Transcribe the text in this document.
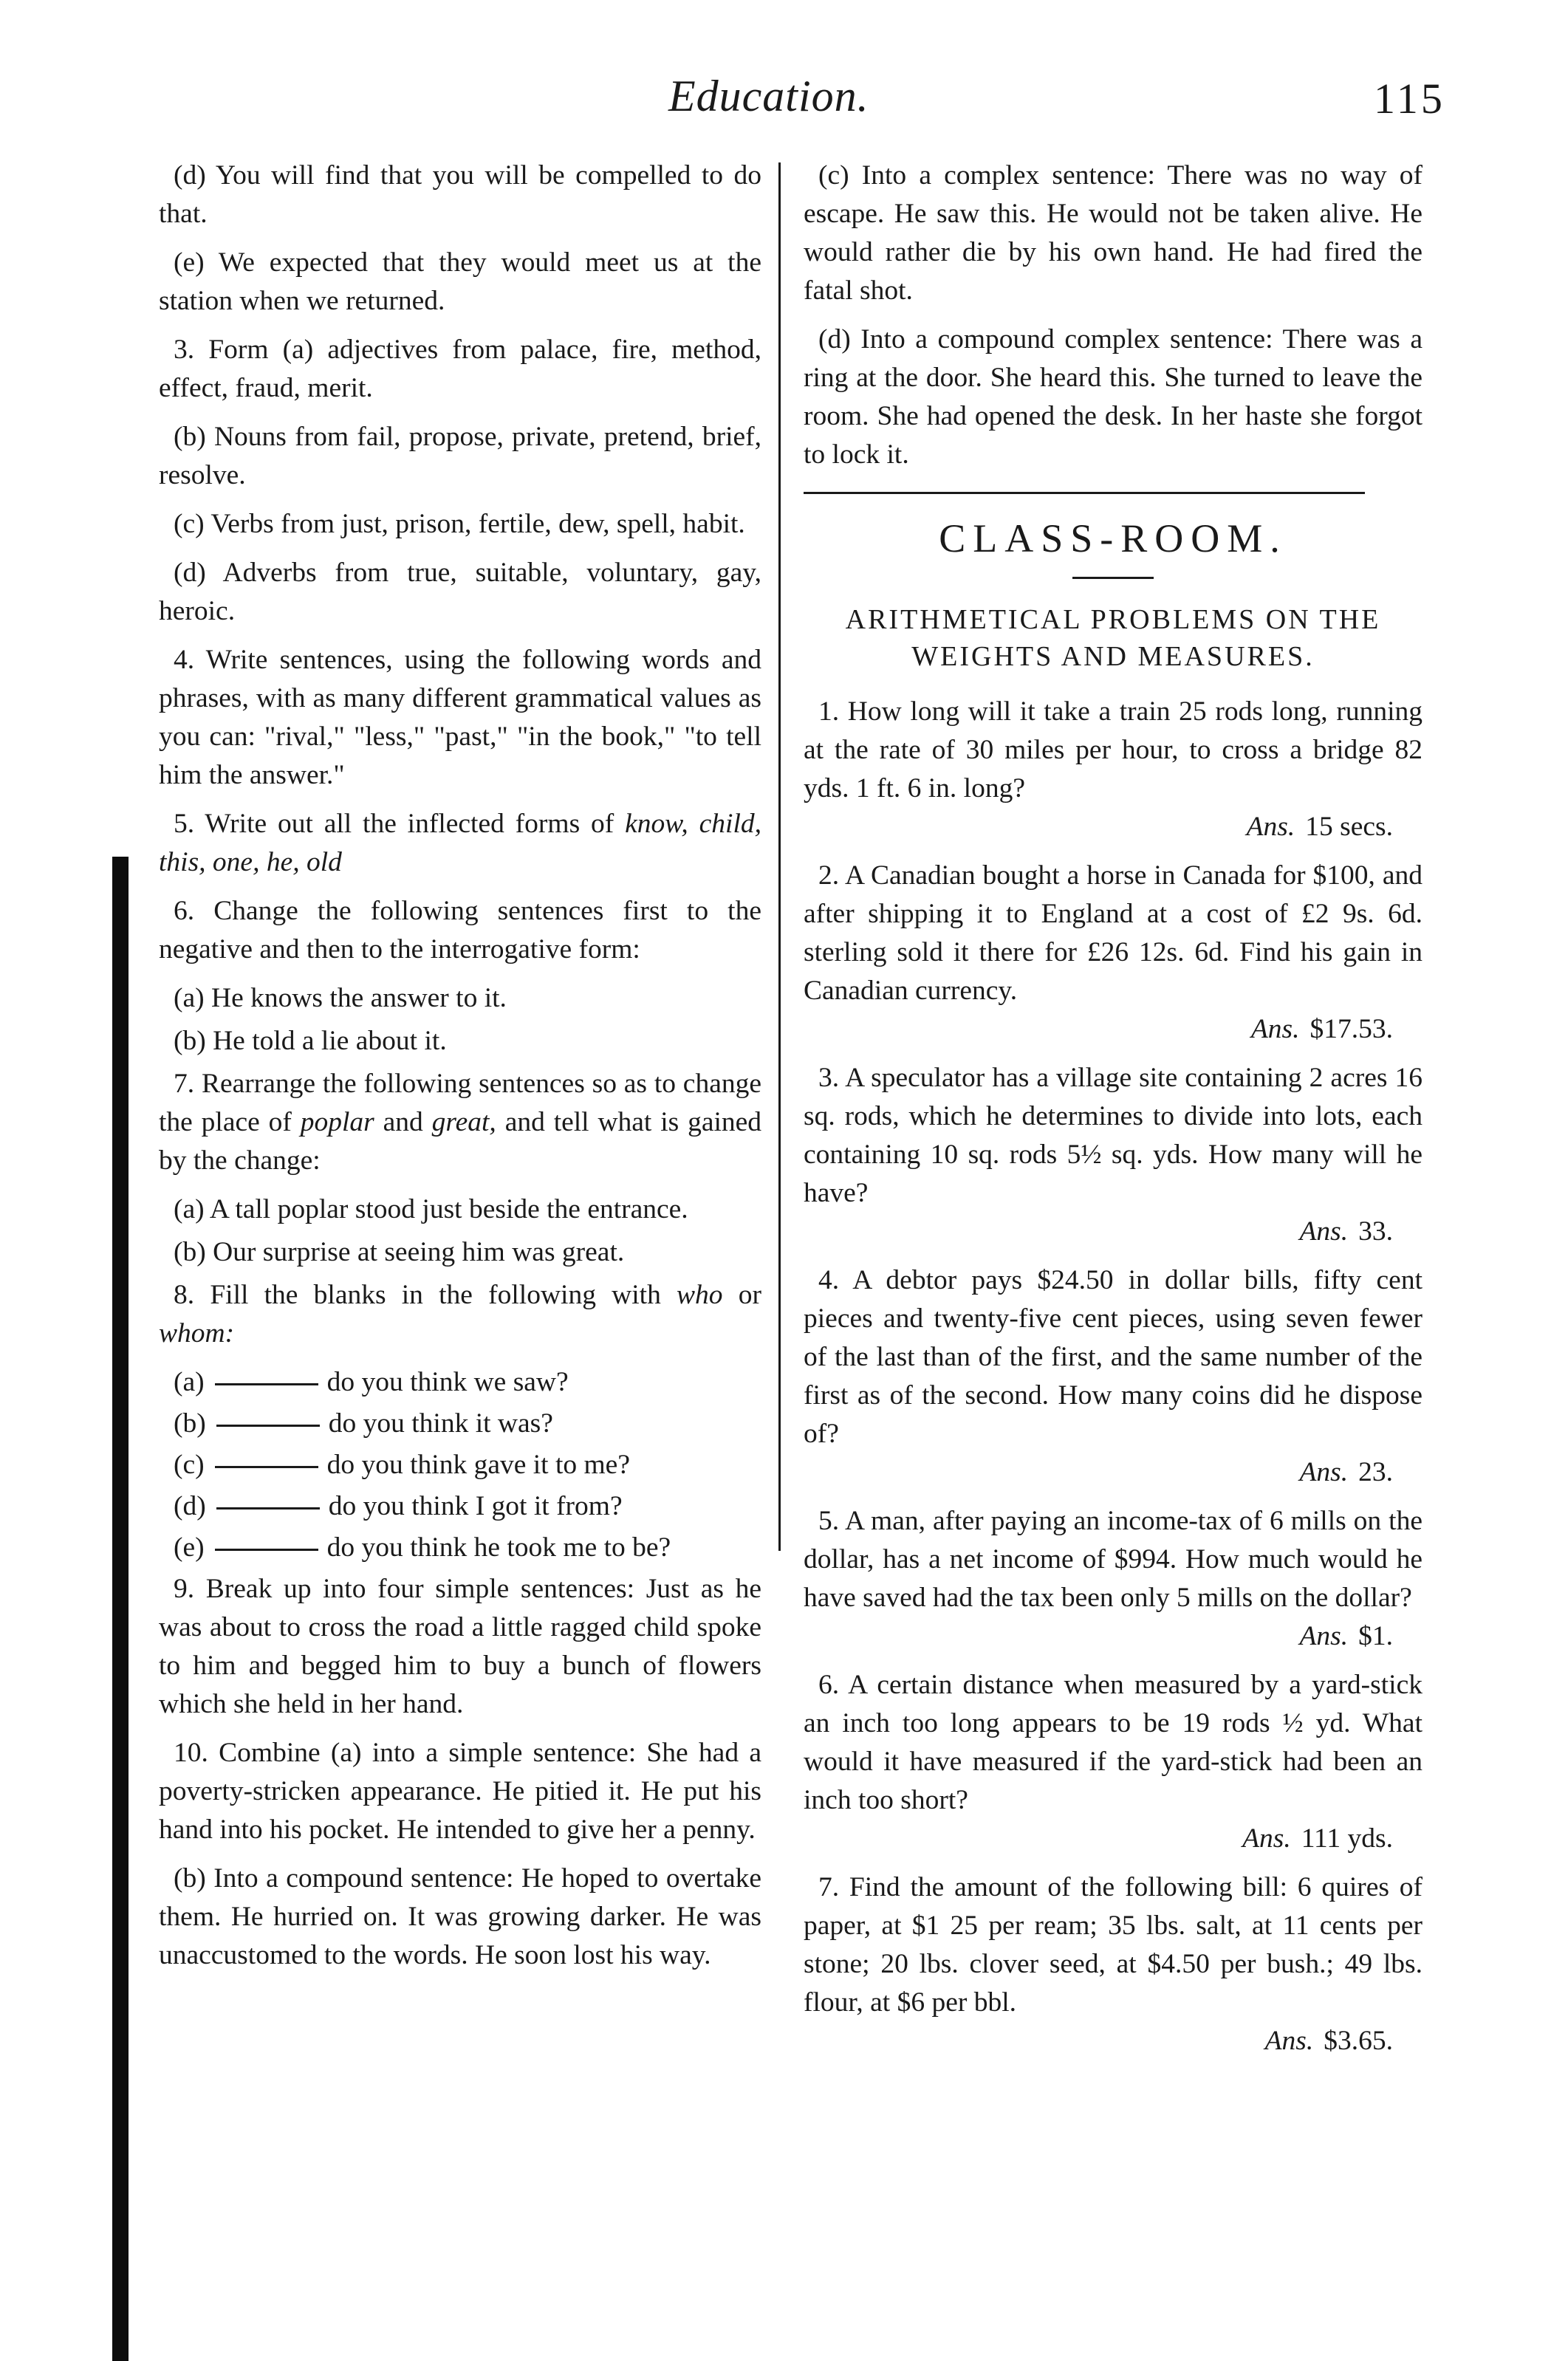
Education.	115

(d) You will find that you will be compelled to do that.

(e) We expected that they would meet us at the station when we returned.

3. Form (a) adjectives from palace, fire, method, effect, fraud, merit.

(b) Nouns from fail, propose, private, pretend, brief, resolve.

(c) Verbs from just, prison, fertile, dew, spell, habit.

(d) Adverbs from true, suitable, voluntary, gay, heroic.

4. Write sentences, using the following words and phrases, with as many different grammatical values as you can: "rival," "less," "past," "in the book," "to tell him the answer."

5. Write out all the inflected forms of know, child, this, one, he, old

6. Change the following sentences first to the negative and then to the interrogative form:

(a) He knows the answer to it.

(b) He told a lie about it.

7. Rearrange the following sentences so as to change the place of poplar and great, and tell what is gained by the change:

(a) A tall poplar stood just beside the entrance.

(b) Our surprise at seeing him was great.

8. Fill the blanks in the following with who or whom:

(a)	do you think we saw?

(b)	do you think it was?

(c)	do you think gave it to me?

(d)	do you think I got it from?

(e)	do you think he took me to be?

9. Break up into four simple sentences: Just as he was about to cross the road a little ragged child spoke to him and begged him to buy a bunch of flowers which she held in her hand.

10. Combine (a) into a simple sentence: She had a poverty-stricken appearance. He pitied it. He put his hand into his pocket. He intended to give her a penny.

(b) Into a compound sentence: He hoped to overtake them. He hurried on. It was growing darker. He was unaccustomed to the words. He soon lost his way.

(c) Into a complex sentence: There was no way of escape. He saw this. He would not be taken alive. He would rather die by his own hand. He had fired the fatal shot.

(d) Into a compound complex sentence: There was a ring at the door. She heard this. She turned to leave the room. She had opened the desk. In her haste she forgot to lock it.

CLASS-ROOM.
ARITHMETICAL PROBLEMS ON THE WEIGHTS AND MEASURES.

1. How long will it take a train 25 rods long, running at the rate of 30 miles per hour, to cross a bridge 82 yds. 1 ft. 6 in. long?
Ans. 15 secs.

2. A Canadian bought a horse in Canada for $100, and after shipping it to England at a cost of £2 9s. 6d. sterling sold it there for £26 12s. 6d. Find his gain in Canadian currency.
Ans. $17.53.

3. A speculator has a village site containing 2 acres 16 sq. rods, which he determines to divide into lots, each containing 10 sq. rods 5½ sq. yds. How many will he have?
Ans. 33.

4. A debtor pays $24.50 in dollar bills, fifty cent pieces and twenty-five cent pieces, using seven fewer of the last than of the first, and the same number of the first as of the second. How many coins did he dispose of?
Ans. 23.

5. A man, after paying an income-tax of 6 mills on the dollar, has a net income of $994. How much would he have saved had the tax been only 5 mills on the dollar?
Ans. $1.

6. A certain distance when measured by a yard-stick an inch too long appears to be 19 rods ½ yd. What would it have measured if the yard-stick had been an inch too short?
Ans. 111 yds.

7. Find the amount of the following bill: 6 quires of paper, at $1 25 per ream; 35 lbs. salt, at 11 cents per stone; 20 lbs. clover seed, at $4.50 per bush.; 49 lbs. flour, at $6 per bbl.
Ans. $3.65.
